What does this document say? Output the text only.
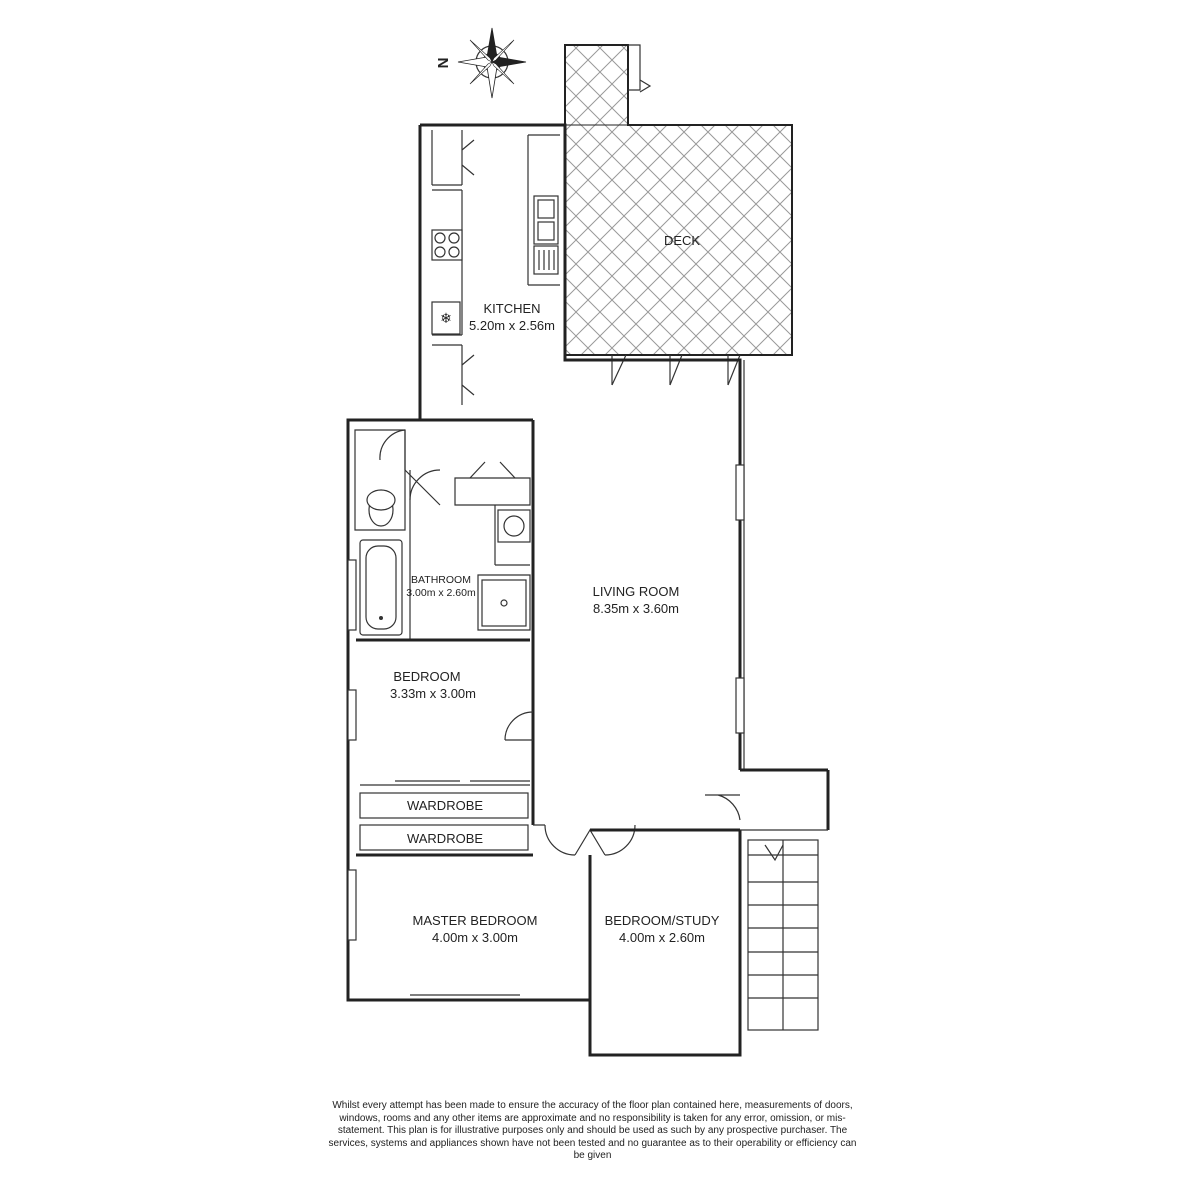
N
❄
KITCHEN
5.20m x 2.56m
DECK
BATHROOM
3.00m x 2.60m	LIVING ROOM
8.35m x 3.60m
BEDROOM
3.33m x 3.00m
WARDROBE
WARDROBE
MASTER BEDROOM
4.00m x 3.00m
BEDROOM/STUDY
4.00m x 2.60m

Whilst every attempt has been made to ensure the accuracy of the floor plan contained here, measurements of doors, windows, rooms and any other items are approximate and no responsibility is taken for any error, omission, or mis-statement. This plan is for illustrative purposes only and should be used as such by any prospective purchaser. The services, systems and appliances shown have not been tested and no guarantee as to their operability or efficiency can be given
